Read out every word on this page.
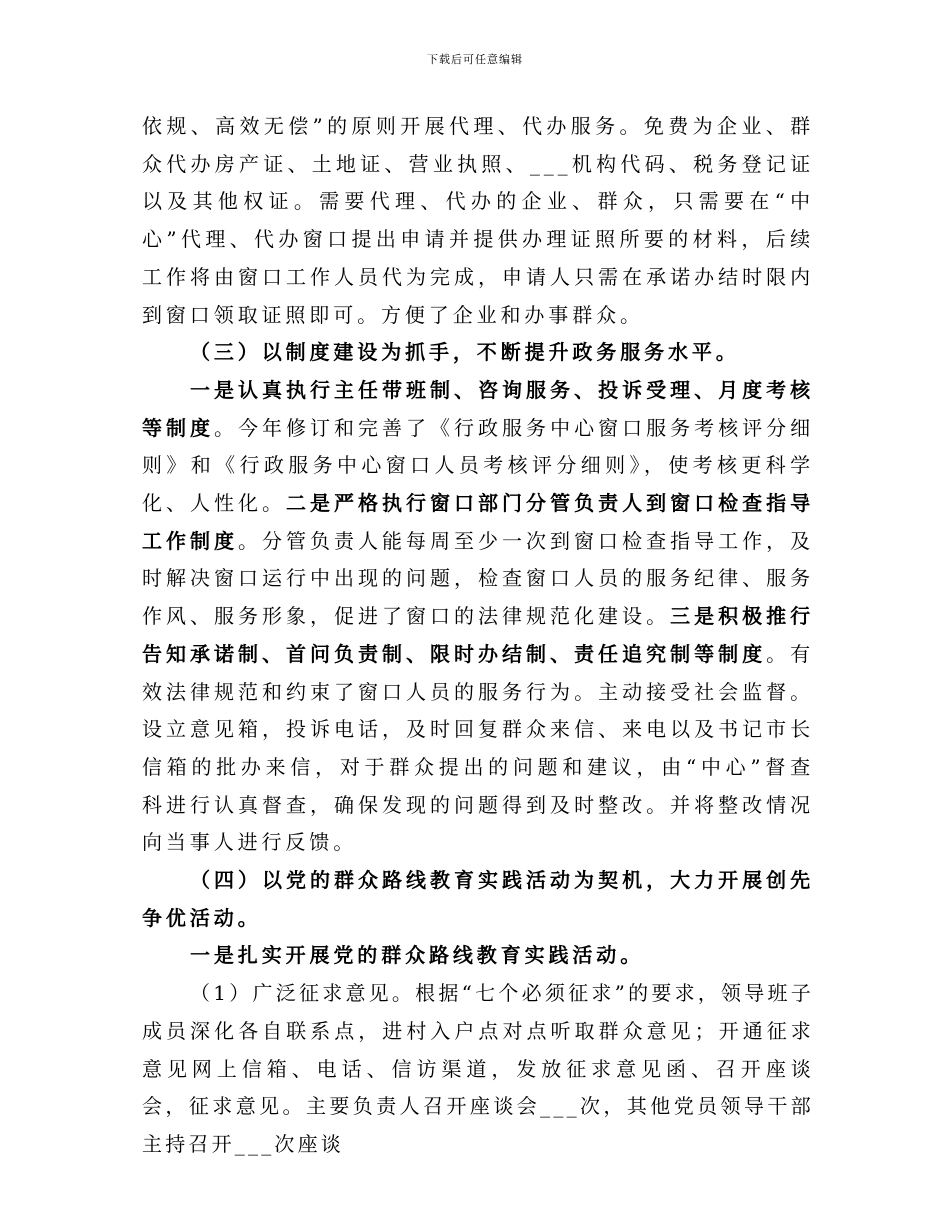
下载后可任意编辑

依规、高效无偿”的原则开展代理、代办服务。免费为企业、群众代办房产证、土地证、营业执照、___机构代码、税务登记证以及其他权证。需要代理、代办的企业、群众，只需要在“中心”代理、代办窗口提出申请并提供办理证照所要的材料，后续工作将由窗口工作人员代为完成，申请人只需在承诺办结时限内到窗口领取证照即可。方便了企业和办事群众。

（三）以制度建设为抓手，不断提升政务服务水平。

一是认真执行主任带班制、咨询服务、投诉受理、月度考核等制度。今年修订和完善了《行政服务中心窗口服务考核评分细则》和《行政服务中心窗口人员考核评分细则》，使考核更科学化、人性化。二是严格执行窗口部门分管负责人到窗口检查指导工作制度。分管负责人能每周至少一次到窗口检查指导工作，及时解决窗口运行中出现的问题，检查窗口人员的服务纪律、服务作风、服务形象，促进了窗口的法律规范化建设。三是积极推行告知承诺制、首问负责制、限时办结制、责任追究制等制度。有效法律规范和约束了窗口人员的服务行为。主动接受社会监督。设立意见箱，投诉电话，及时回复群众来信、来电以及书记市长信箱的批办来信，对于群众提出的问题和建议，由“中心”督查科进行认真督查，确保发现的问题得到及时整改。并将整改情况向当事人进行反馈。

（四）以党的群众路线教育实践活动为契机，大力开展创先争优活动。

一是扎实开展党的群众路线教育实践活动。

（1）广泛征求意见。根据“七个必须征求”的要求，领导班子成员深化各自联系点，进村入户点对点听取群众意见；开通征求意见网上信箱、电话、信访渠道，发放征求意见函、召开座谈会，征求意见。主要负责人召开座谈会___次，其他党员领导干部主持召开___次座谈
